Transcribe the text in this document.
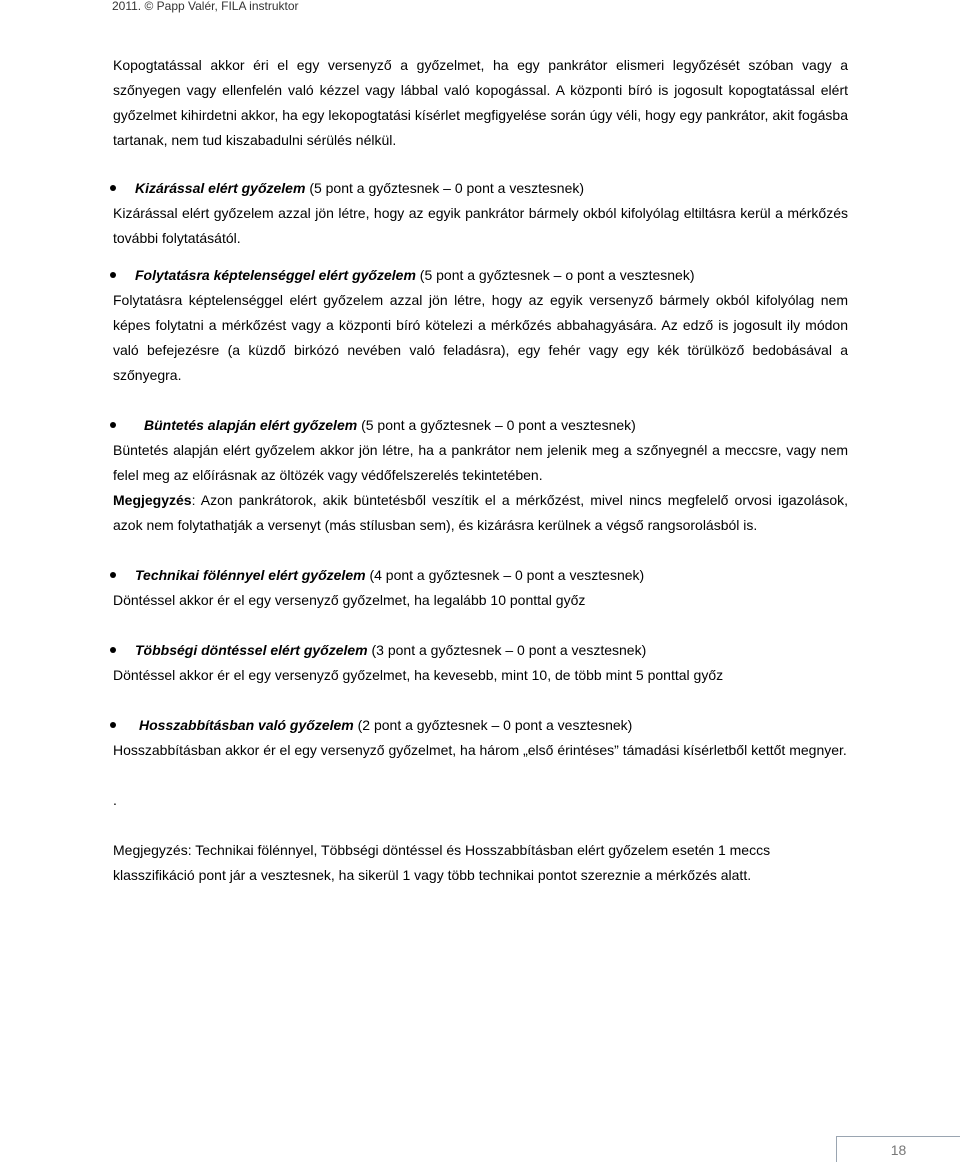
2011. © Papp Valér, FILA instruktor

Kopogtatással akkor éri el egy versenyző a győzelmet, ha egy pankrátor elismeri legyőzését szóban vagy a szőnyegen vagy ellenfelén való kézzel vagy lábbal való kopogással. A központi bíró is jogosult kopogtatással elért győzelmet kihirdetni akkor, ha egy lekopogtatási kísérlet megfigyelése során úgy véli, hogy egy pankrátor, akit fogásba tartanak, nem tud kiszabadulni sérülés nélkül.

Kizárással elért győzelem (5 pont a győztesnek – 0 pont a vesztesnek)

Kizárással elért győzelem azzal jön létre, hogy az egyik pankrátor bármely okból kifolyólag eltiltásra kerül a mérkőzés további folytatásától.

Folytatásra képtelenséggel elért győzelem (5 pont a győztesnek – o pont a vesztesnek)

Folytatásra képtelenséggel elért győzelem azzal jön létre, hogy az egyik versenyző bármely okból kifolyólag nem képes folytatni a mérkőzést vagy a központi bíró kötelezi a mérkőzés abbahagyására. Az edző is jogosult ily módon való befejezésre (a küzdő birkózó nevében való feladásra), egy fehér vagy egy kék törülköző bedobásával a szőnyegra.

Büntetés alapján elért győzelem (5 pont a győztesnek – 0 pont a vesztesnek)

Büntetés alapján elért győzelem akkor jön létre, ha a pankrátor nem jelenik meg a szőnyegnél a meccsre, vagy nem felel meg az előírásnak az öltözék vagy védőfelszerelés tekintetében.

Megjegyzés: Azon pankrátorok, akik büntetésből veszítik el a mérkőzést, mivel nincs megfelelő orvosi igazolások, azok nem folytathatják a versenyt (más stílusban sem), és kizárásra kerülnek a végső rangsorolásból is.

Technikai fölénnyel elért győzelem (4 pont a győztesnek – 0 pont a vesztesnek)

Döntéssel akkor ér el egy versenyző győzelmet, ha legalább 10 ponttal győz

Többségi döntéssel elért győzelem (3 pont a győztesnek – 0 pont a vesztesnek)

Döntéssel akkor ér el egy versenyző győzelmet, ha kevesebb, mint 10, de több mint 5 ponttal győz

Hosszabbításban való győzelem (2 pont a győztesnek – 0 pont a vesztesnek)

Hosszabbításban akkor ér el egy versenyző győzelmet, ha három „első érintéses” támadási kísérletből kettőt megnyer.

.

Megjegyzés: Technikai fölénnyel, Többségi döntéssel és Hosszabbításban elért győzelem esetén 1 meccs klasszifikáció pont jár a vesztesnek, ha sikerül 1 vagy több technikai pontot szereznie a mérkőzés alatt.

18
